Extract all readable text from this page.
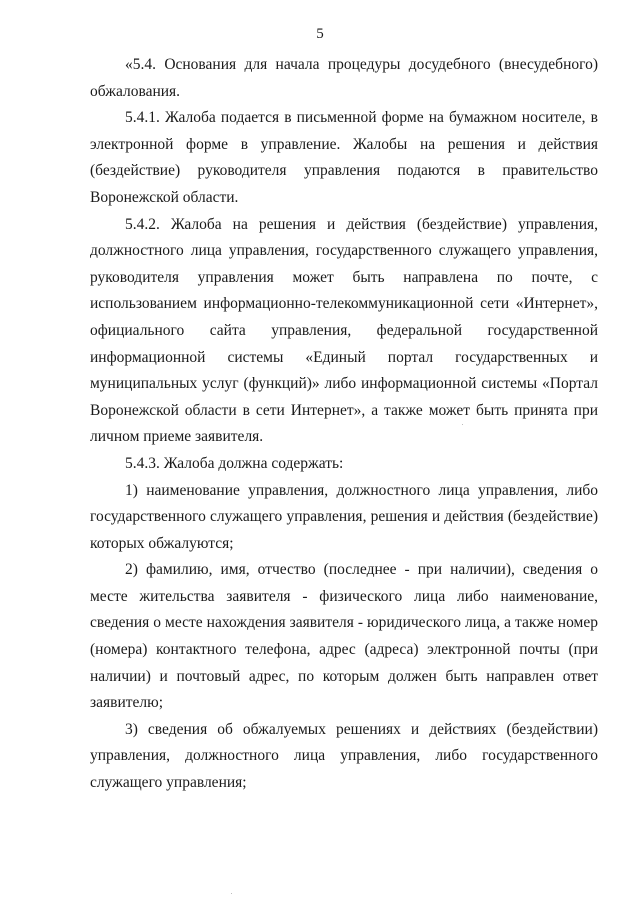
5

«5.4. Основания для начала процедуры досудебного (внесудебного) обжалования.

5.4.1. Жалоба подается в письменной форме на бумажном носителе, в электронной форме в управление. Жалобы на решения и действия (бездействие) руководителя управления подаются в правительство Воронежской области.

5.4.2. Жалоба на решения и действия (бездействие) управления, должностного лица управления, государственного служащего управления, руководителя управления может быть направлена по почте, с использованием информационно-телекоммуникационной сети «Интернет», официального сайта управления, федеральной государственной информационной системы «Единый портал государственных и муниципальных услуг (функций)» либо информационной системы «Портал Воронежской области в сети Интернет», а также может быть принята при личном приеме заявителя.

5.4.3. Жалоба должна содержать:

1) наименование управления, должностного лица управления, либо государственного служащего управления, решения и действия (бездействие) которых обжалуются;

2) фамилию, имя, отчество (последнее - при наличии), сведения о месте жительства заявителя - физического лица либо наименование, сведения о месте нахождения заявителя - юридического лица, а также номер (номера) контактного телефона, адрес (адреса) электронной почты (при наличии) и почтовый адрес, по которым должен быть направлен ответ заявителю;

3) сведения об обжалуемых решениях и действиях (бездействии) управления, должностного лица управления, либо государственного служащего управления;
